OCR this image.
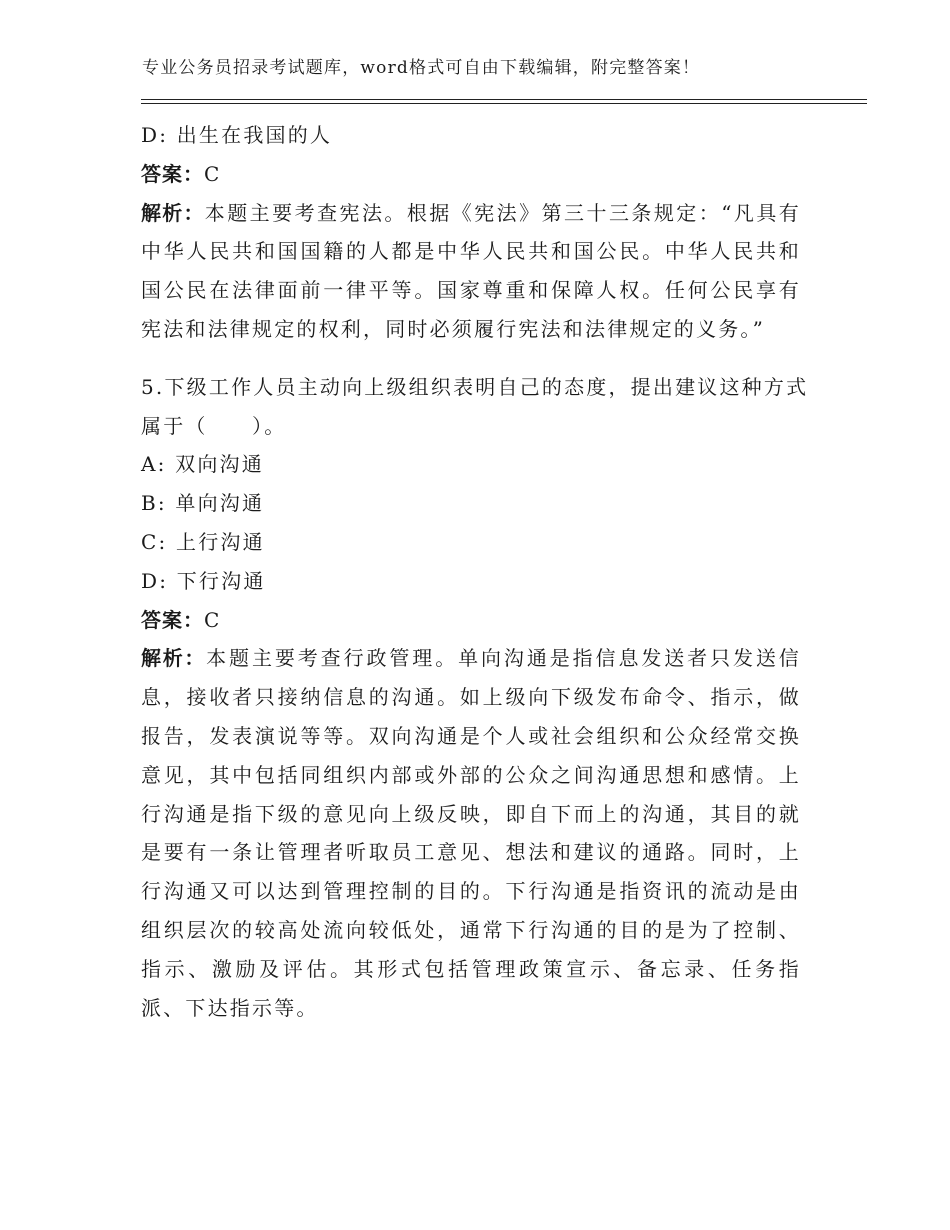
专业公务员招录考试题库，word格式可自由下载编辑，附完整答案！
D: 出生在我国的人
答案：C
解析：本题主要考查宪法。根据《宪法》第三十三条规定：“凡具有中华人民共和国国籍的人都是中华人民共和国公民。中华人民共和国公民在法律面前一律平等。国家尊重和保障人权。任何公民享有宪法和法律规定的权利，同时必须履行宪法和法律规定的义务。”
5.下级工作人员主动向上级组织表明自己的态度，提出建议这种方式
属于（　　）。
A: 双向沟通
B: 单向沟通
C: 上行沟通
D: 下行沟通
答案：C
解析：本题主要考查行政管理。单向沟通是指信息发送者只发送信息，接收者只接纳信息的沟通。如上级向下级发布命令、指示，做报告，发表演说等等。双向沟通是个人或社会组织和公众经常交换意见，其中包括同组织内部或外部的公众之间沟通思想和感情。上行沟通是指下级的意见向上级反映，即自下而上的沟通，其目的就是要有一条让管理者听取员工意见、想法和建议的通路。同时，上行沟通又可以达到管理控制的目的。下行沟通是指资讯的流动是由组织层次的较高处流向较低处，通常下行沟通的目的是为了控制、指示、激励及评估。其形式包括管理政策宣示、备忘录、任务指派、下达指示等。
